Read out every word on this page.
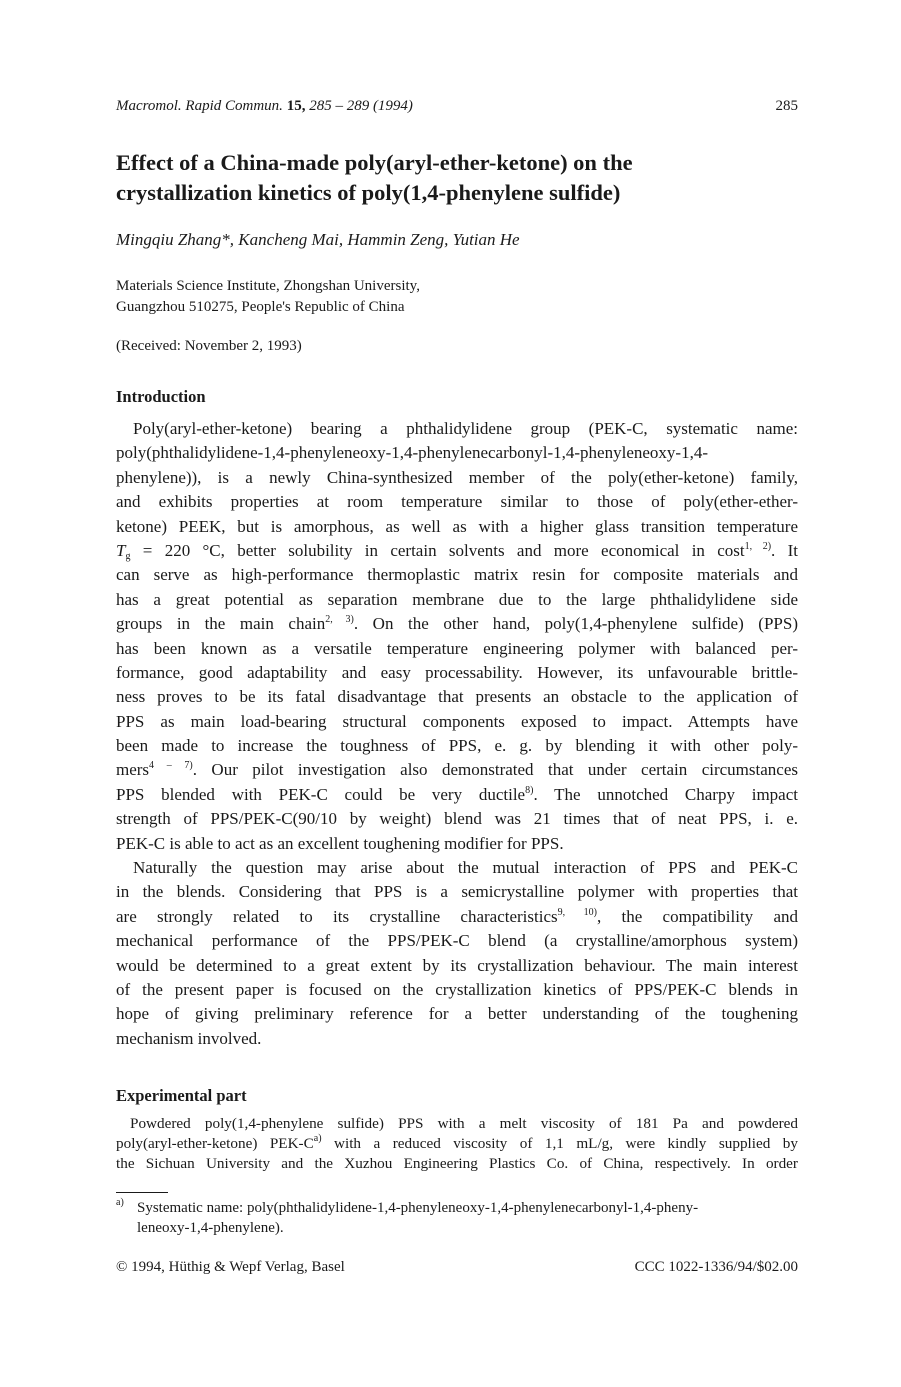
Macromol. Rapid Commun. 15, 285 – 289 (1994)	285
Effect of a China-made poly(aryl-ether-ketone) on the
crystallization kinetics of poly(1,4-phenylene sulfide)
Mingqiu Zhang*, Kancheng Mai, Hammin Zeng, Yutian He
Materials Science Institute, Zhongshan University,
Guangzhou 510275, People's Republic of China
(Received: November 2, 1993)
Introduction
Poly(aryl-ether-ketone) bearing a phthalidylidene group (PEK-C, systematic name:
poly(phthalidylidene-1,4-phenyleneoxy-1,4-phenylenecarbonyl-1,4-phenyleneoxy-1,4-
phenylene)), is a newly China-synthesized member of the poly(ether-ketone) family,
and exhibits properties at room temperature similar to those of poly(ether-ether-
ketone) PEEK, but is amorphous, as well as with a higher glass transition temperature
$T_g = 220$ °C, better solubility in certain solvents and more economical in cost$^{1, 2)}$. It
can serve as high-performance thermoplastic matrix resin for composite materials and
has a great potential as separation membrane due to the large phthalidylidene side
groups in the main chain$^{2, 3)}$. On the other hand, poly(1,4-phenylene sulfide) (PPS)
has been known as a versatile temperature engineering polymer with balanced per-
formance, good adaptability and easy processability. However, its unfavourable brittle-
ness proves to be its fatal disadvantage that presents an obstacle to the application of
PPS as main load-bearing structural components exposed to impact. Attempts have
been made to increase the toughness of PPS, e. g. by blending it with other poly-
mers$^{4 - 7)}$. Our pilot investigation also demonstrated that under certain circumstances
PPS blended with PEK-C could be very ductile$^{8)}$. The unnotched Charpy impact
strength of PPS/PEK-C(90/10 by weight) blend was 21 times that of neat PPS, i. e.
PEK-C is able to act as an excellent toughening modifier for PPS.
Naturally the question may arise about the mutual interaction of PPS and PEK-C
in the blends. Considering that PPS is a semicrystalline polymer with properties that
are strongly related to its crystalline characteristics$^{9, 10)}$, the compatibility and
mechanical performance of the PPS/PEK-C blend (a crystalline/amorphous system)
would be determined to a great extent by its crystallization behaviour. The main interest
of the present paper is focused on the crystallization kinetics of PPS/PEK-C blends in
hope of giving preliminary reference for a better understanding of the toughening
mechanism involved.
Experimental part
Powdered poly(1,4-phenylene sulfide) PPS with a melt viscosity of 181 Pa and powdered
poly(aryl-ether-ketone) PEK-$C^{a)}$ with a reduced viscosity of 1,1 mL/g, were kindly supplied by
the Sichuan University and the Xuzhou Engineering Plastics Co. of China, respectively. In order
$^{a)}$ Systematic name: poly(phthalidylidene-1,4-phenyleneoxy-1,4-phenylenecarbonyl-1,4-pheny-
leneoxy-1,4-phenylene).
© 1994, Hüthig & Wepf Verlag, Basel	CCC 1022-1336/94/$02.00
